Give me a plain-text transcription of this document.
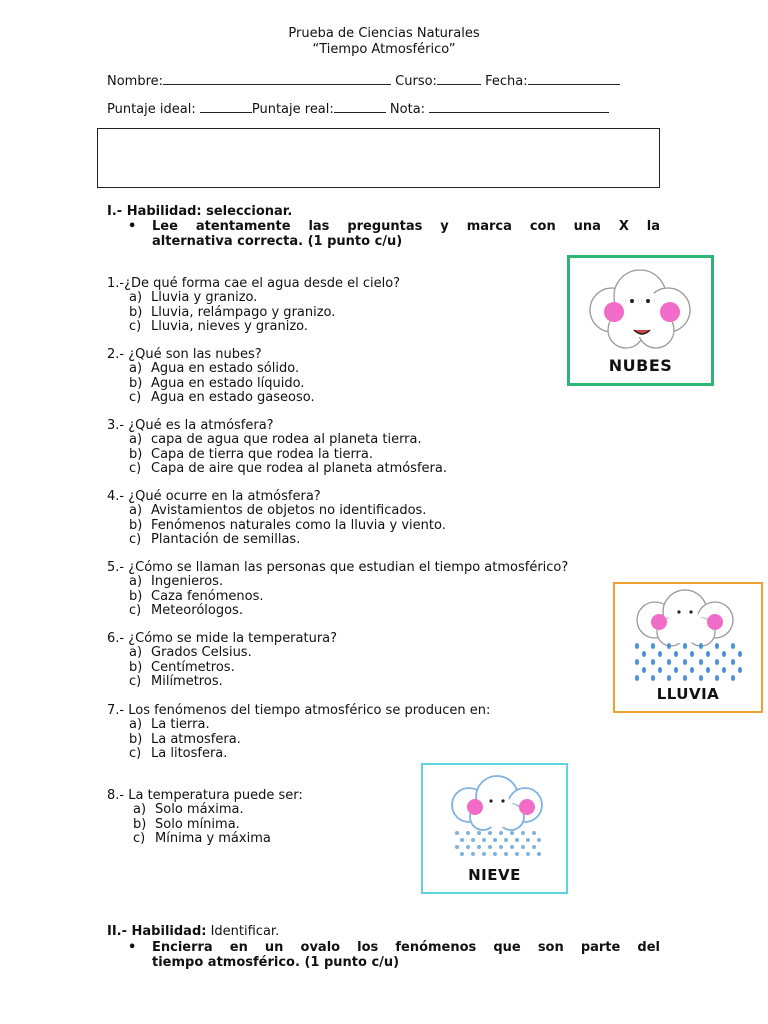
Prueba de Ciencias Naturales
“Tiempo Atmosférico”
Nombre:	Curso:	Fecha:
Puntaje ideal:	Puntaje real:	Nota:
I.- Habilidad: seleccionar.
• Lee atentamente las preguntas y marca con una X la
alternativa correcta. (1 punto c/u)
1.-¿De qué forma cae el agua desde el cielo?
a) Lluvia y granizo.
b) Lluvia, relámpago y granizo.
c) Lluvia, nieves y granizo.
2.- ¿Qué son las nubes?
a) Agua en estado sólido.
b) Agua en estado líquido.
c) Agua en estado gaseoso.
3.- ¿Qué es la atmósfera?
a) capa de agua que rodea al planeta tierra.
b) Capa de tierra que rodea la tierra.
c) Capa de aire que rodea al planeta atmósfera.
4.- ¿Qué ocurre en la atmósfera?
a) Avistamientos de objetos no identificados.
b) Fenómenos naturales como la lluvia y viento.
c) Plantación de semillas.
5.- ¿Cómo se llaman las personas que estudian el tiempo atmosférico?
a) Ingenieros.
b) Caza fenómenos.
c) Meteorólogos.
6.- ¿Cómo se mide la temperatura?
a) Grados Celsius.
b) Centímetros.
c) Milímetros.
7.- Los fenómenos del tiempo atmosférico se producen en:
a) La tierra.
b) La atmosfera.
c) La litosfera.
8.- La temperatura puede ser:
a) Solo máxima.
b) Solo mínima.
c) Mínima y máxima
NUBES
LLUVIA
NIEVE
II.- Habilidad: Identificar.
• Encierra en un ovalo los fenómenos que son parte del
tiempo atmosférico. (1 punto c/u)
